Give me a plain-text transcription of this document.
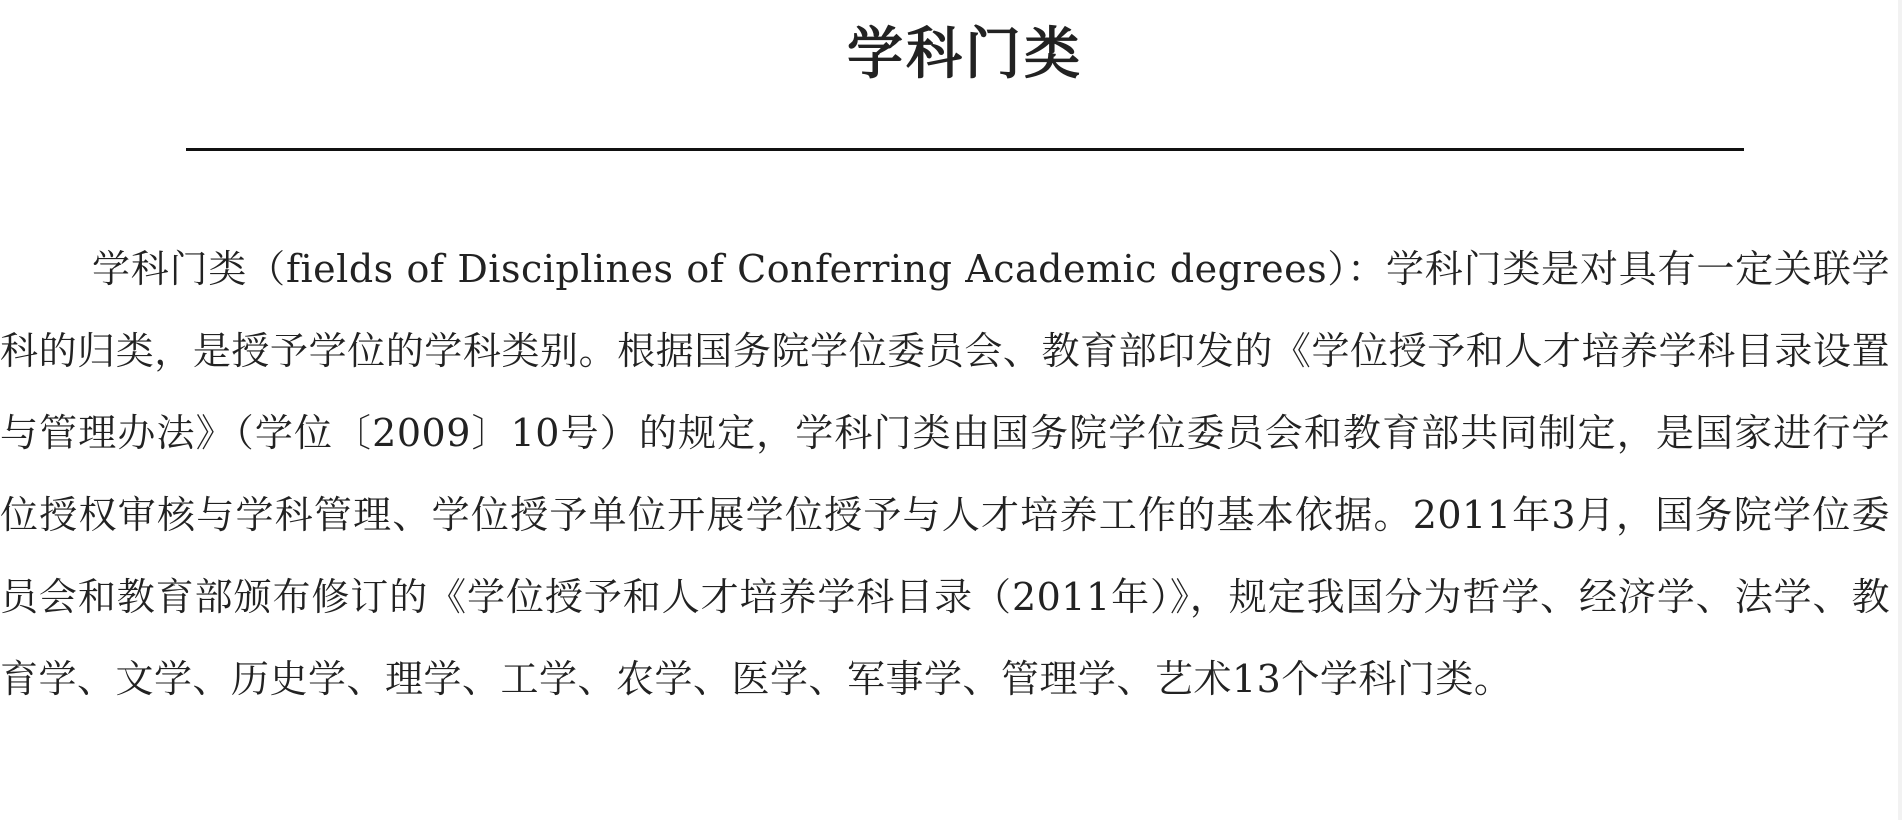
学科门类

学科门类（fields of Disciplines of Conferring Academic degrees）：学科门类是对具有一定关联学科的归类，是授予学位的学科类别。根据国务院学位委员会、教育部印发的《学位授予和人才培养学科目录设置与管理办法》（学位〔2009〕10号）的规定，学科门类由国务院学位委员会和教育部共同制定，是国家进行学位授权审核与学科管理、学位授予单位开展学位授予与人才培养工作的基本依据。2011年3月，国务院学位委员会和教育部颁布修订的《学位授予和人才培养学科目录（2011年）》，规定我国分为哲学、经济学、法学、教育学、文学、历史学、理学、工学、农学、医学、军事学、管理学、艺术13个学科门类。
